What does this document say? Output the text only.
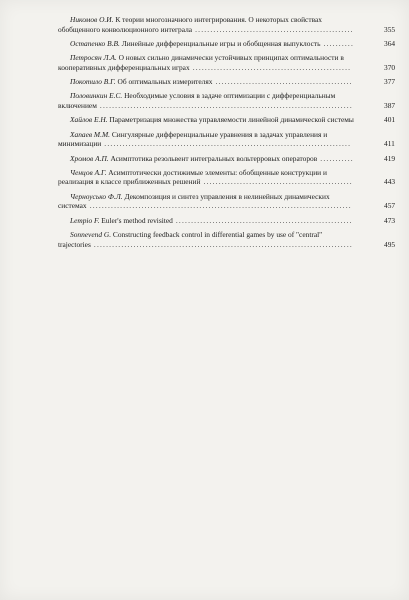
Никомов О.И. К теории многозначного интегрирования. О некоторых свойствах обобщенного конволюционного интеграла ....................................................	355
Остапенко В.В. Линейные дифференциальные игры и обобщенная выпуклость ..........	364
Петросян Л.А. О новых сильно динамически устойчивых принципах оптимальности в кооперативных дифференциальных играх ....................................................	370
Покотило В.Г. Об оптимальных измерителях .............................................	377
Половинкин Е.С. Необходимые условия в задаче оптимизации с дифференциальным включением ...................................................................................	387
Хайлов Е.Н. Параметризация множества управляемости линейной динамической системы	401
Хапаев М.М. Сингулярные дифференциальные уравнения в задачах управления и минимизации .................................................................................	411
Хромов А.П. Асимптотика резольвент интегральных вольтерровых операторов ...........	419
Ченцов А.Г. Асимптотически достижимые элементы: обобщенные конструкции и реализация в классе приближенных решений .................................................	443
Черноусько Ф.Л. Декомпозиция и синтез управления в нелинейных динамических системах ......................................................................................	457
Lempio F. Euler's method revisited ..........................................................	473
Sonnevend G. Constructing feedback control in differential games by use of "central" trajectories .....................................................................................	495
